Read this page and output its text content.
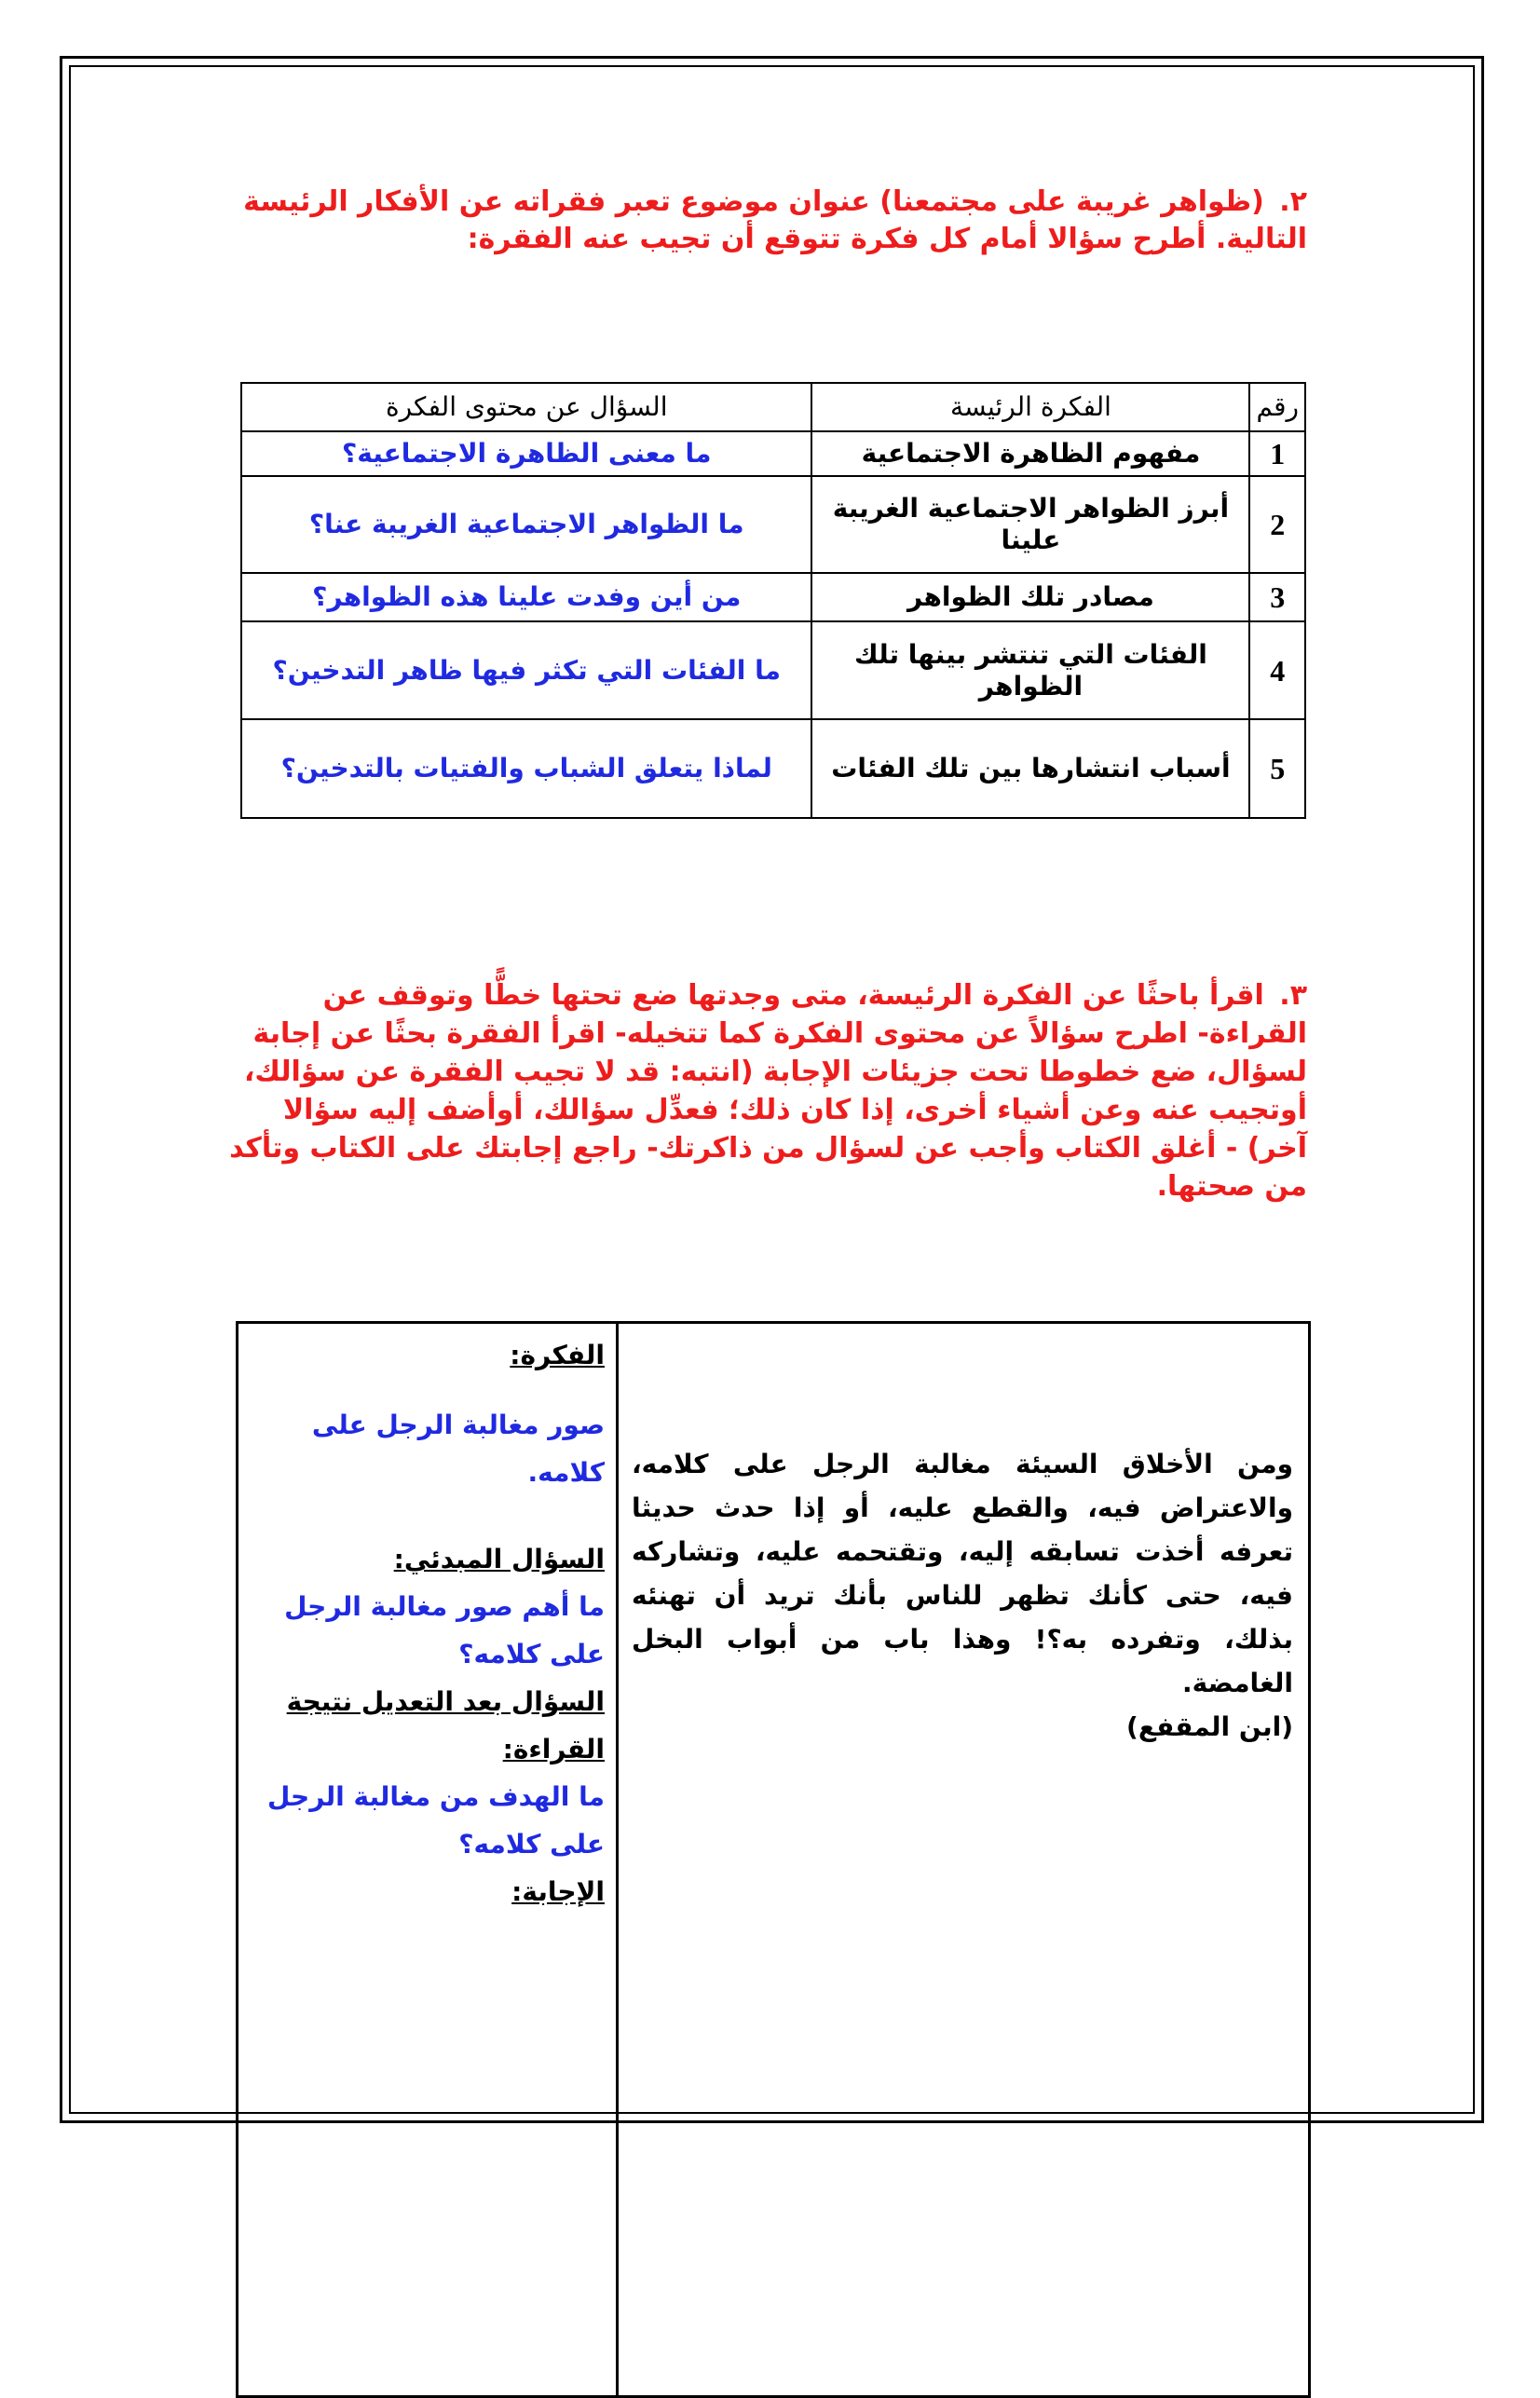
٢. (ظواهر غريبة على مجتمعنا) عنوان موضوع تعبر فقراته عن الأفكار الرئيسة التالية. أطرح سؤالا أمام كل فكرة تتوقع أن تجيب عنه الفقرة:
رقم	الفكرة الرئيسة	السؤال عن محتوى الفكرة
1	مفهوم الظاهرة الاجتماعية	ما معنى الظاهرة الاجتماعية؟
2	أبرز الظواهر الاجتماعية الغريبة علينا	ما الظواهر الاجتماعية الغريبة عنا؟
3	مصادر تلك الظواهر	من أين وفدت علينا هذه الظواهر؟
4	الفئات التي تنتشر بينها تلك الظواهر	ما الفئات التي تكثر فيها ظاهر التدخين؟
5	أسباب انتشارها بين تلك الفئات	لماذا يتعلق الشباب والفتيات بالتدخين؟
٣. اقرأ باحثًا عن الفكرة الرئيسة، متى وجدتها ضع تحتها خطًّا وتوقف عن القراءة- اطرح سؤالاً عن محتوى الفكرة كما تتخيله- اقرأ الفقرة بحثًا عن إجابة لسؤال، ضع خطوطا تحت جزيئات الإجابة (انتبه: قد لا تجيب الفقرة عن سؤالك، أوتجيب عنه وعن أشياء أخرى، إذا كان ذلك؛ فعدِّل سؤالك، أوأضف إليه سؤالا آخر) - أغلق الكتاب وأجب عن لسؤال من ذاكرتك- راجع إجابتك على الكتاب وتأكد من صحتها.
ومن الأخلاق السيئة مغالبة الرجل على كلامه، والاعتراض فيه، والقطع عليه، أو إذا حدث حديثا تعرفه أخذت تسابقه إليه، وتقتحمه عليه، وتشاركه فيه، حتى كأنك تظهر للناس بأنك تريد أن تهنئه بذلك، وتفرده به؟! وهذا باب من أبواب البخل الغامضة.
(ابن المقفع)

الفكرة:
صور مغالبة الرجل على كلامه.
السؤال المبدئي:
ما أهم صور مغالبة الرجل على كلامه؟
السؤال بعد التعديل نتيجة القراءة:
ما الهدف من مغالبة الرجل على كلامه؟
الإجابة:
